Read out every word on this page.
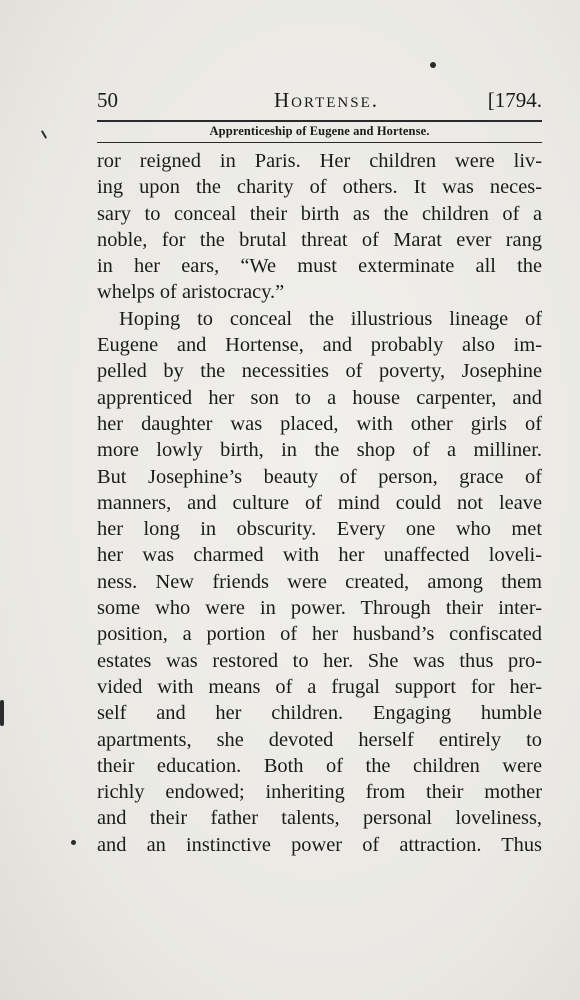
50	Hortense.	[1794.
Apprenticeship of Eugene and Hortense.
ror reigned in Paris. Her children were liv-
ing upon the charity of others. It was neces-
sary to conceal their birth as the children of a
noble, for the brutal threat of Marat ever rang
in her ears, “We must exterminate all the
whelps of aristocracy.”
Hoping to conceal the illustrious lineage of
Eugene and Hortense, and probably also im-
pelled by the necessities of poverty, Josephine
apprenticed her son to a house carpenter, and
her daughter was placed, with other girls of
more lowly birth, in the shop of a milliner.
But Josephine’s beauty of person, grace of
manners, and culture of mind could not leave
her long in obscurity. Every one who met
her was charmed with her unaffected loveli-
ness. New friends were created, among them
some who were in power. Through their inter-
position, a portion of her husband’s confiscated
estates was restored to her. She was thus pro-
vided with means of a frugal support for her-
self and her children. Engaging humble
apartments, she devoted herself entirely to
their education. Both of the children were
richly endowed; inheriting from their mother
and their father talents, personal loveliness,
and an instinctive power of attraction. Thus
